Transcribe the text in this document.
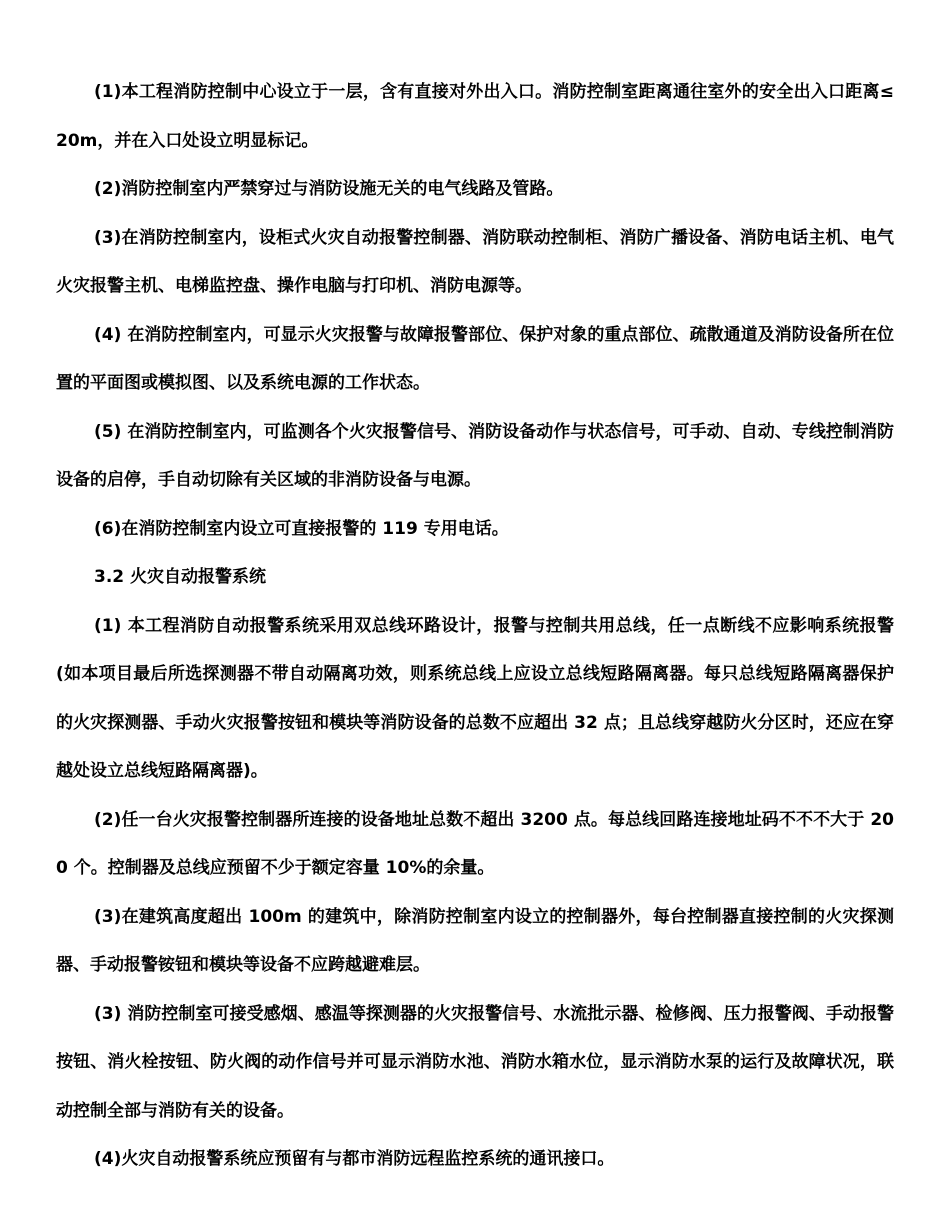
(1)本工程消防控制中心设立于一层，含有直接对外出入口。消防控制室距离通往室外的安全出入口距离≤20m，并在入口处设立明显标记。

(2)消防控制室内严禁穿过与消防设施无关的电气线路及管路。

(3)在消防控制室内，设柜式火灾自动报警控制器、消防联动控制柜、消防广播设备、消防电话主机、电气火灾报警主机、电梯监控盘、操作电脑与打印机、消防电源等。

(4) 在消防控制室内，可显示火灾报警与故障报警部位、保护对象的重点部位、疏散通道及消防设备所在位置的平面图或模拟图、以及系统电源的工作状态。

(5) 在消防控制室内，可监测各个火灾报警信号、消防设备动作与状态信号，可手动、自动、专线控制消防设备的启停，手自动切除有关区域的非消防设备与电源。

(6)在消防控制室内设立可直接报警的 119 专用电话。

3.2 火灾自动报警系统

(1) 本工程消防自动报警系统采用双总线环路设计，报警与控制共用总线，任一点断线不应影响系统报警(如本项目最后所选探测器不带自动隔离功效，则系统总线上应设立总线短路隔离器。每只总线短路隔离器保护的火灾探测器、手动火灾报警按钮和模块等消防设备的总数不应超出 32 点；且总线穿越防火分区时，还应在穿越处设立总线短路隔离器)。

(2)任一台火灾报警控制器所连接的设备地址总数不超出 3200 点。每总线回路连接地址码不不不大于 200 个。控制器及总线应预留不少于额定容量 10%的余量。

(3)在建筑高度超出 100m 的建筑中，除消防控制室内设立的控制器外，每台控制器直接控制的火灾探测器、手动报警铵钮和模块等设备不应跨越避难层。

(3) 消防控制室可接受感烟、感温等探测器的火灾报警信号、水流批示器、检修阀、压力报警阀、手动报警按钮、消火栓按钮、防火阀的动作信号并可显示消防水池、消防水箱水位，显示消防水泵的运行及故障状况，联动控制全部与消防有关的设备。

(4)火灾自动报警系统应预留有与都市消防远程监控系统的通讯接口。
